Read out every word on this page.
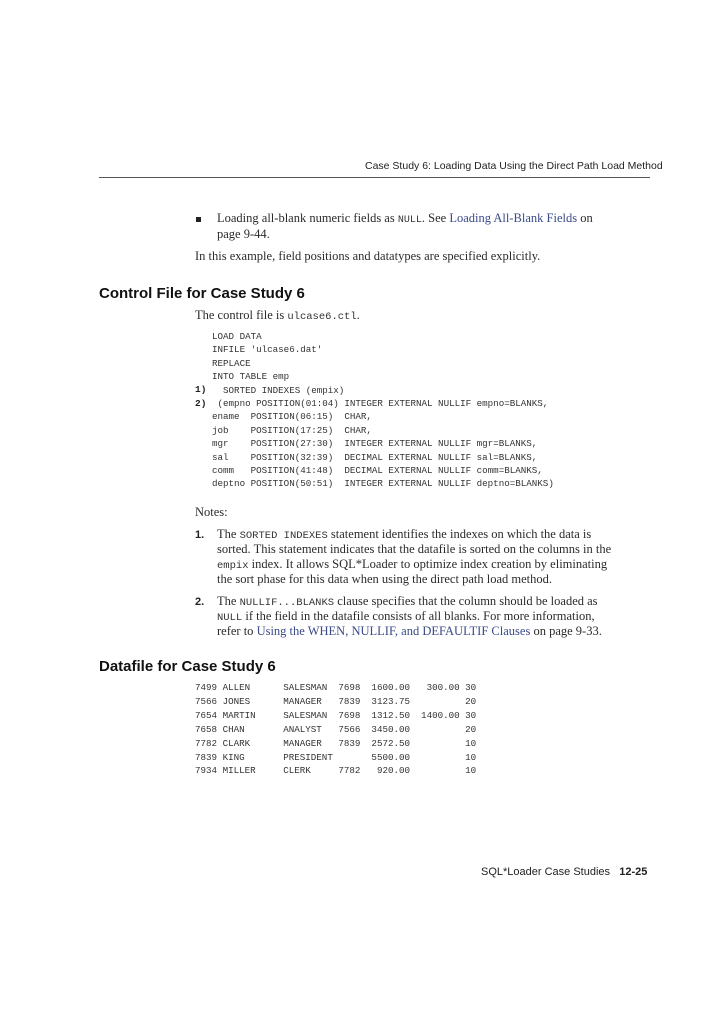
Case Study 6: Loading Data Using the Direct Path Load Method
Loading all-blank numeric fields as NULL. See Loading All-Blank Fields on
page 9-44.
In this example, field positions and datatypes are specified explicitly.
Control File for Case Study 6
The control file is ulcase6.ctl.
LOAD DATA
INFILE 'ulcase6.dat'
REPLACE
INTO TABLE emp
1) SORTED INDEXES (empix)
2) (empno POSITION(01:04) INTEGER EXTERNAL NULLIF empno=BLANKS,
ename  POSITION(06:15)  CHAR,
job    POSITION(17:25)  CHAR,
mgr    POSITION(27:30)  INTEGER EXTERNAL NULLIF mgr=BLANKS,
sal    POSITION(32:39)  DECIMAL EXTERNAL NULLIF sal=BLANKS,
comm   POSITION(41:48)  DECIMAL EXTERNAL NULLIF comm=BLANKS,
deptno POSITION(50:51)  INTEGER EXTERNAL NULLIF deptno=BLANKS)
Notes:
1. The SORTED INDEXES statement identifies the indexes on which the data is
sorted. This statement indicates that the datafile is sorted on the columns in the
empix index. It allows SQL*Loader to optimize index creation by eliminating
the sort phase for this data when using the direct path load method.
2. The NULLIF...BLANKS clause specifies that the column should be loaded as
NULL if the field in the datafile consists of all blanks. For more information,
refer to Using the WHEN, NULLIF, and DEFAULTIF Clauses on page 9-33.
Datafile for Case Study 6
7499 ALLEN      SALESMAN  7698  1600.00   300.00 30
7566 JONES      MANAGER   7839  3123.75          20
7654 MARTIN     SALESMAN  7698  1312.50  1400.00 30
7658 CHAN       ANALYST   7566  3450.00          20
7782 CLARK      MANAGER   7839  2572.50          10
7839 KING       PRESIDENT       5500.00          10
7934 MILLER     CLERK     7782   920.00          10
SQL*Loader Case Studies 12-25
